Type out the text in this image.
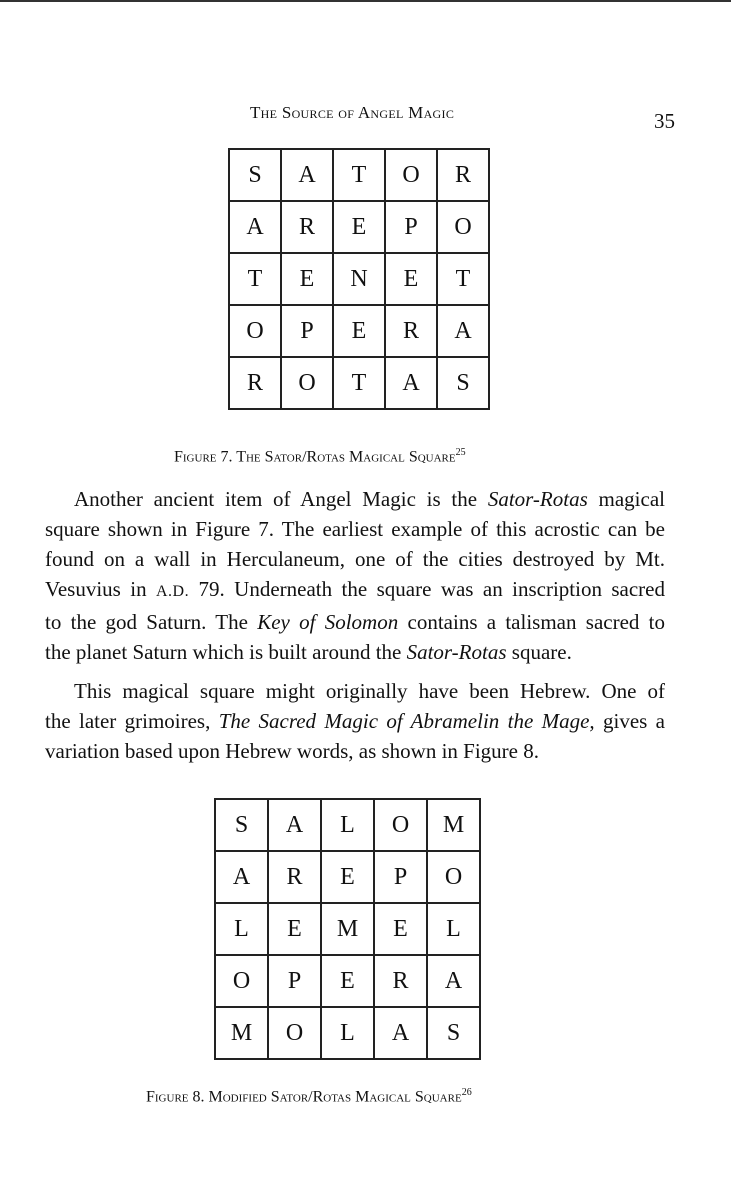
The Source of Angel Magic	35
S	A	T	O	R
A	R	E	P	O
T	E	N	E	T
O	P	E	R	A
R	O	T	A	S
Figure 7. The Sator/Rotas Magical Square$^{25}$
Another ancient item of Angel Magic is the Sator-Rotas magical
square shown in Figure 7. The earliest example of this acrostic can be
found on a wall in Herculaneum, one of the cities destroyed by Mt.
Vesuvius in A.D. 79. Underneath the square was an inscription sacred
to the god Saturn. The Key of Solomon contains a talisman sacred to
the planet Saturn which is built around the Sator-Rotas square.
This magical square might originally have been Hebrew. One of
the later grimoires, The Sacred Magic of Abramelin the Mage, gives a
variation based upon Hebrew words, as shown in Figure 8.
S	A	L	O	M
A	R	E	P	O
L	E	M	E	L
O	P	E	R	A
M	O	L	A	S
Figure 8. Modified Sator/Rotas Magical Square$^{26}$
